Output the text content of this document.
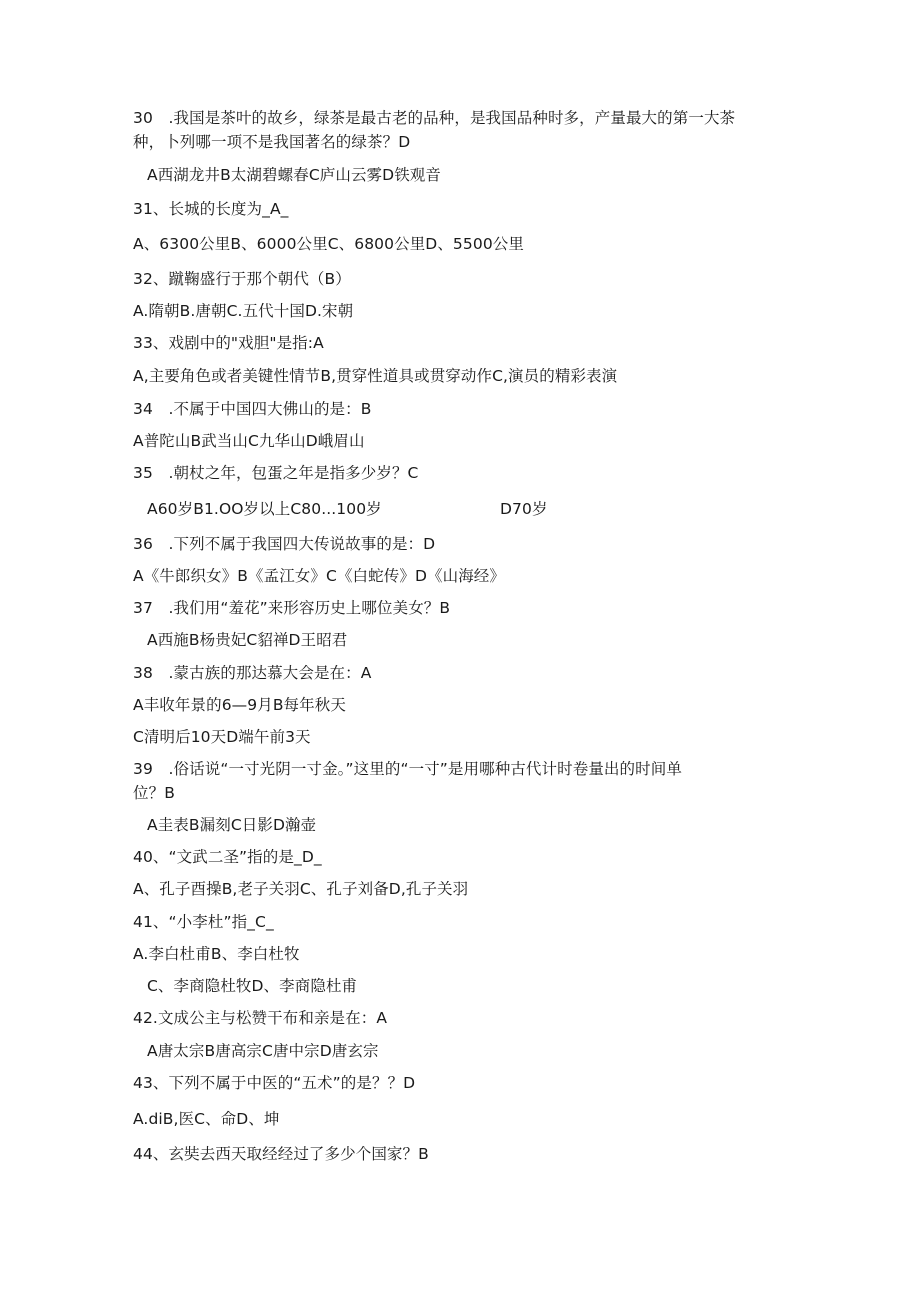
30　.我国是茶叶的故乡，绿茶是最古老的品种，是我国品种时多，产量最大的第一大茶
种，卜列哪一项不是我国著名的绿茶？D
A西湖龙井B太湖碧螺春C庐山云雾D铁观音
31、长城的长度为_A_
A、6300公里B、6000公里C、6800公里D、5500公里
32、蹴鞠盛行于那个朝代（B）
A.隋朝B.唐朝C.五代十国D.宋朝
33、戏剧中的"戏胆"是指:A
A,主要角色或者美键性情节B,贯穿性道具或贯穿动作C,演员的精彩表演
34　.不属于中国四大佛山的是：B
A普陀山B武当山C九华山D峨眉山
35　.朝杖之年，包蛋之年是指多少岁？C
A60岁B1.OO岁以上C80...100岁	D70岁
36　.下列不属于我国四大传说故事的是：D
A《牛郎织女》B《孟江女》C《白蛇传》D《山海经》
37　.我们用“羞花”来形容历史上哪位美女？B
A西施B杨贵妃C貂禅D王昭君
38　.蒙古族的那达慕大会是在：A
A丰收年景的6—9月B每年秋天
C清明后10天D端午前3天
39　.俗话说“一寸光阴一寸金。”这里的“一寸”是用哪种古代计时卷量出的时间单
位？B
A圭表B漏刻C日影D瀚壶
40、“文武二圣”指的是_D_
A、孔子酉操B,老子关羽C、孔子刘备D,孔子关羽
41、“小李杜”指_C_
A.李白杜甫B、李白杜牧
C、李商隐杜牧D、李商隐杜甫
42.文成公主与松赞干布和亲是在：A
A唐太宗B唐高宗C唐中宗D唐玄宗
43、下列不属于中医的“五术”的是？？D
A.diB,医C、命D、坤
44、玄奘去西天取经经过了多少个国家？B
